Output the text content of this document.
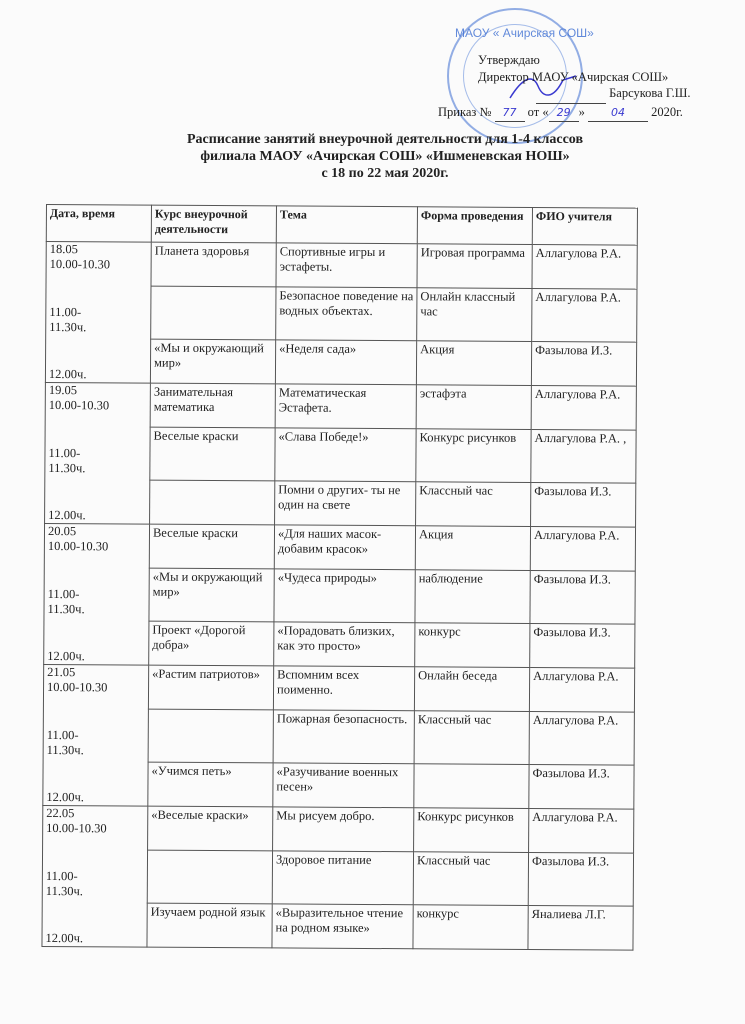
МАОУ « Ачирская СОШ»
Утверждаю
Директор МАОУ «Ачирская СОШ»
Барсукова Г.Ш.
Приказ № 77 от « 29 » 04 2020г.
Расписание занятий внеурочной деятельности для 1-4 классов
филиала МАОУ «Ачирская СОШ» «Ишменевская НОШ»
с 18 по 22 мая 2020г.
Дата, время	Курс внеурочной деятельности	Тема	Форма проведения	ФИО учителя

18.05
10.00-10.30
11.00-11.30ч.
12.00ч.	Планета здоровья	Спортивные игры и эстафеты.	Игровая программа	Аллагулова Р.А.
		Безопасное поведение на водных объектах.	Онлайн классный час	Аллагулова Р.А.
	«Мы и окружающий мир»	«Неделя сада»	Акция	Фазылова И.З.

19.05
10.00-10.30
11.00-11.30ч.
12.00ч.	Занимательная математика	Математическая Эстафета.	эстафэта	Аллагулова Р.А.
	Веселые краски	«Слава Победе!»	Конкурс рисунков	Аллагулова Р.А. ,
		Помни о других- ты не один на свете	Классный час	Фазылова И.З.

20.05
10.00-10.30
11.00-11.30ч.
12.00ч.	Веселые краски	«Для наших масок-добавим красок»	Акция	Аллагулова Р.А.
	«Мы и окружающий мир»	«Чудеса природы»	наблюдение	Фазылова И.З.
	Проект «Дорогой добра»	«Порадовать близких, как это просто»	конкурс	Фазылова И.З.

21.05
10.00-10.30
11.00-11.30ч.
12.00ч.	«Растим патриотов»	Вспомним всех поименно.	Онлайн беседа	Аллагулова Р.А.
		Пожарная безопасность.	Классный час	Аллагулова Р.А.
	«Учимся петь»	«Разучивание военных песен»		Фазылова И.З.

22.05
10.00-10.30
11.00-11.30ч.
12.00ч.	«Веселые краски»	Мы рисуем добро.	Конкурс рисунков	Аллагулова Р.А.
		Здоровое питание	Классный час	Фазылова И.З.
	Изучаем родной язык	«Выразительное чтение на родном языке»	конкурс	Яналиева Л.Г.
